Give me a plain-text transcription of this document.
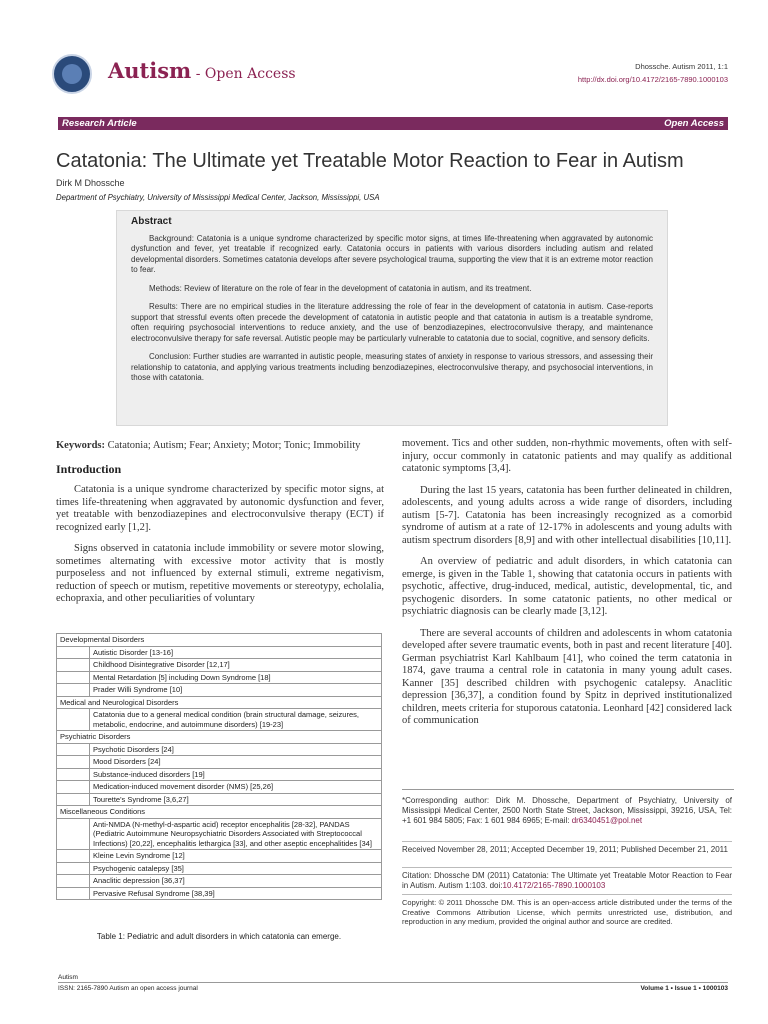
Autism - Open Access	Dhossche. Autism 2011, 1:1
http://dx.doi.org/10.4172/2165-7890.1000103
Research Article	Open Access
Catatonia: The Ultimate yet Treatable Motor Reaction to Fear in Autism
Dirk M Dhossche
Department of Psychiatry, University of Mississippi Medical Center, Jackson, Mississippi, USA
Abstract

Background: Catatonia is a unique syndrome characterized by specific motor signs, at times life-threatening when aggravated by autonomic dysfunction and fever, yet treatable if recognized early. Catatonia occurs in patients with various disorders including autism and related developmental disorders. Sometimes catatonia develops after severe psychological trauma, supporting the view that it is an extreme motor reaction to fear.

Methods: Review of literature on the role of fear in the development of catatonia in autism, and its treatment.

Results: There are no empirical studies in the literature addressing the role of fear in the development of catatonia in autism. Case-reports support that stressful events often precede the development of catatonia in autistic people and that catatonia in autism is a treatable syndrome, often requiring psychosocial interventions to reduce anxiety, and the use of benzodiazepines, electroconvulsive therapy, and maintenance electroconvulsive therapy for safe reversal. Autistic people may be particularly vulnerable to catatonia due to social, cognitive, and sensory deficits.

Conclusion: Further studies are warranted in autistic people, measuring states of anxiety in response to various stressors, and assessing their relationship to catatonia, and applying various treatments including benzodiazepines, electroconvulsive therapy, and psychosocial interventions, in those with catatonia.

Keywords: Catatonia; Autism; Fear; Anxiety; Motor; Tonic; Immobility
Introduction

Catatonia is a unique syndrome characterized by specific motor signs, at times life-threatening when aggravated by autonomic dysfunction and fever, yet treatable with benzodiazepines and electroconvulsive therapy (ECT) if recognized early [1,2].

Signs observed in catatonia include immobility or severe motor slowing, sometimes alternating with excessive motor activity that is mostly purposeless and not influenced by external stimuli, extreme negativism, reduction of speech or mutism, repetitive movements or stereotypy, echolalia, echopraxia, and other peculiarities of voluntary

Developmental Disorders	
	Autistic Disorder [13-16]
	Childhood Disintegrative Disorder [12,17]
	Mental Retardation [5] including Down Syndrome [18]
	Prader Willi Syndrome [10]
Medical and Neurological Disorders	
	Catatonia due to a general medical condition (brain structural damage, seizures, metabolic, endocrine, and autoimmune disorders) [19-23]
Psychiatric Disorders	
	Psychotic Disorders [24]
	Mood Disorders [24]
	Substance-induced disorders [19]
	Medication-induced movement disorder (NMS) [25,26]
	Tourette's Syndrome [3,6,27]
Miscellaneous Conditions	
	Anti-NMDA (N-methyl-d-aspartic acid) receptor encephalitis [28-32], PANDAS (Pediatric Autoimmune Neuropsychiatric Disorders Associated with Streptococcal Infections) [20,22], encephalitis lethargica [33], and other aseptic encephalitides [34]
	Kleine Levin Syndrome [12]
	Psychogenic catalepsy [35]
	Anaclitic depression [36,37]
	Pervasive Refusal Syndrome [38,39]
Table 1: Pediatric and adult disorders in which catatonia can emerge.

movement. Tics and other sudden, non-rhythmic movements, often with self-injury, occur commonly in catatonic patients and may qualify as additional catatonic symptoms [3,4].

During the last 15 years, catatonia has been further delineated in children, adolescents, and young adults across a wide range of disorders, including autism [5-7]. Catatonia has been increasingly recognized as a comorbid syndrome of autism at a rate of 12-17% in adolescents and young adults with autism spectrum disorders [8,9] and with other intellectual disabilities [10,11].

An overview of pediatric and adult disorders, in which catatonia can emerge, is given in the Table 1, showing that catatonia occurs in patients with psychotic, affective, drug-induced, medical, autistic, developmental, tic, and psychogenic disorders. In some catatonic patients, no other medical or psychiatric diagnosis can be clearly made [3,12].

There are several accounts of children and adolescents in whom catatonia developed after severe traumatic events, both in past and recent literature [40]. German psychiatrist Karl Kahlbaum [41], who coined the term catatonia in 1874, gave trauma a central role in catatonia in many young adult cases. Kanner [35] described children with psychogenic catalepsy. Anaclitic depression [36,37], a condition found by Spitz in deprived institutionalized children, meets criteria for stuporous catatonia. Leonhard [42] considered lack of communication

*Corresponding author: Dirk M. Dhossche, Department of Psychiatry, University of Mississippi Medical Center, 2500 North State Street, Jackson, Mississippi, 39216, USA, Tel: +1 601 984 5805; Fax: 1 601 984 6965; E-mail: dr6340451@pol.net
Received November 28, 2011; Accepted December 19, 2011; Published December 21, 2011
Citation: Dhossche DM (2011) Catatonia: The Ultimate yet Treatable Motor Reaction to Fear in Autism. Autism 1:103. doi:10.4172/2165-7890.1000103
Copyright: © 2011 Dhossche DM. This is an open-access article distributed under the terms of the Creative Commons Attribution License, which permits unrestricted use, distribution, and reproduction in any medium, provided the original author and source are credited.
Autism
ISSN: 2165-7890 Autism an open access journal	Volume 1 • Issue 1 • 1000103
